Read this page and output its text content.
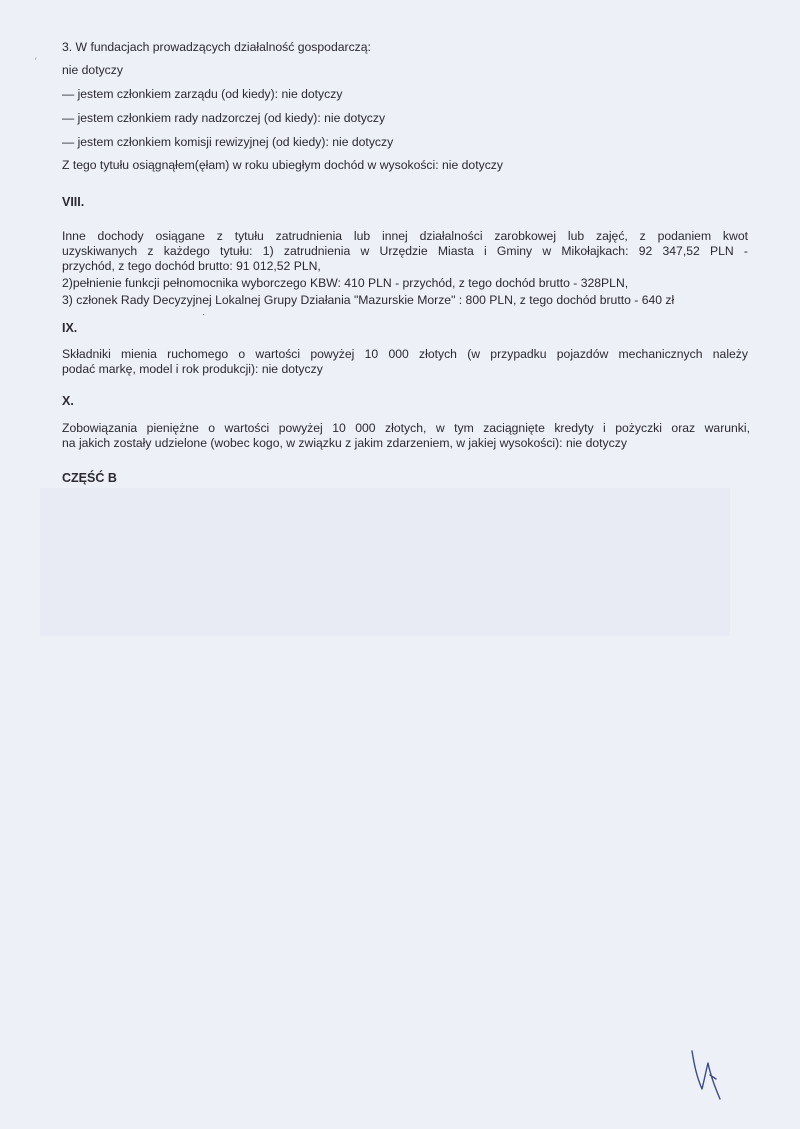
′
3. W fundacjach prowadzących działalność gospodarczą:
nie dotyczy
— jestem członkiem zarządu (od kiedy): nie dotyczy
— jestem członkiem rady nadzorczej (od kiedy): nie dotyczy
— jestem członkiem komisji rewizyjnej (od kiedy): nie dotyczy
Z tego tytułu osiągnąłem(ęłam) w roku ubiegłym dochód w wysokości: nie dotyczy
VIII.
Inne dochody osiągane z tytułu zatrudnienia lub innej działalności zarobkowej lub zajęć, z podaniem kwot
uzyskiwanych z każdego tytułu: 1) zatrudnienia w Urzędzie Miasta i Gminy w Mikołajkach: 92 347,52 PLN -
przychód, z tego dochód brutto: 91 012,52 PLN,
2)pełnienie funkcji pełnomocnika wyborczego KBW: 410 PLN - przychód, z tego dochód brutto - 328PLN,
3) członek Rady Decyzyjnej Lokalnej Grupy Działania "Mazurskie Morze" : 800 PLN, z tego dochód brutto - 640 zł
IX.
Składniki mienia ruchomego o wartości powyżej 10 000 złotych (w przypadku pojazdów mechanicznych należy
podać markę, model i rok produkcji): nie dotyczy
X.
Zobowiązania pieniężne o wartości powyżej 10 000 złotych, w tym zaciągnięte kredyty i pożyczki oraz warunki,
na jakich zostały udzielone (wobec kogo, w związku z jakim zdarzeniem, w jakiej wysokości): nie dotyczy
CZĘŚĆ B
